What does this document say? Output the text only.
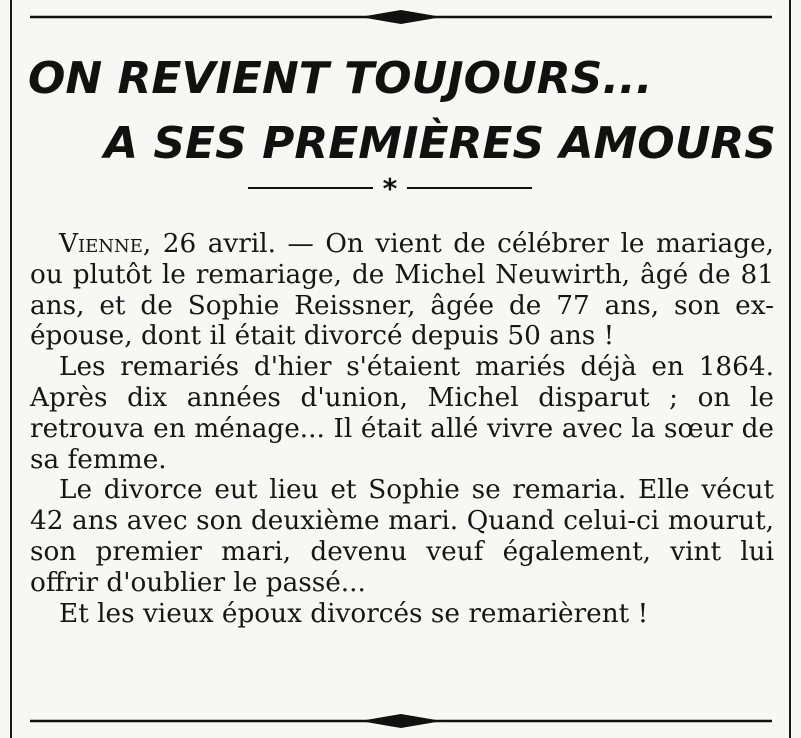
ON REVIENT TOUJOURS...
A SES PREMIÈRES AMOURS
*

Vienne, 26 avril. — On vient de célébrer le mariage, ou plutôt le remariage, de Michel Neuwirth, âgé de 81 ans, et de Sophie Reissner, âgée de 77 ans, son ex-épouse, dont il était divorcé depuis 50 ans !

Les remariés d'hier s'étaient mariés déjà en 1864. Après dix années d'union, Michel disparut ; on le retrouva en ménage... Il était allé vivre avec la sœur de sa femme.

Le divorce eut lieu et Sophie se remaria. Elle vécut 42 ans avec son deuxième mari. Quand celui-ci mourut, son premier mari, devenu veuf également, vint lui offrir d'oublier le passé...

Et les vieux époux divorcés se remarièrent !
